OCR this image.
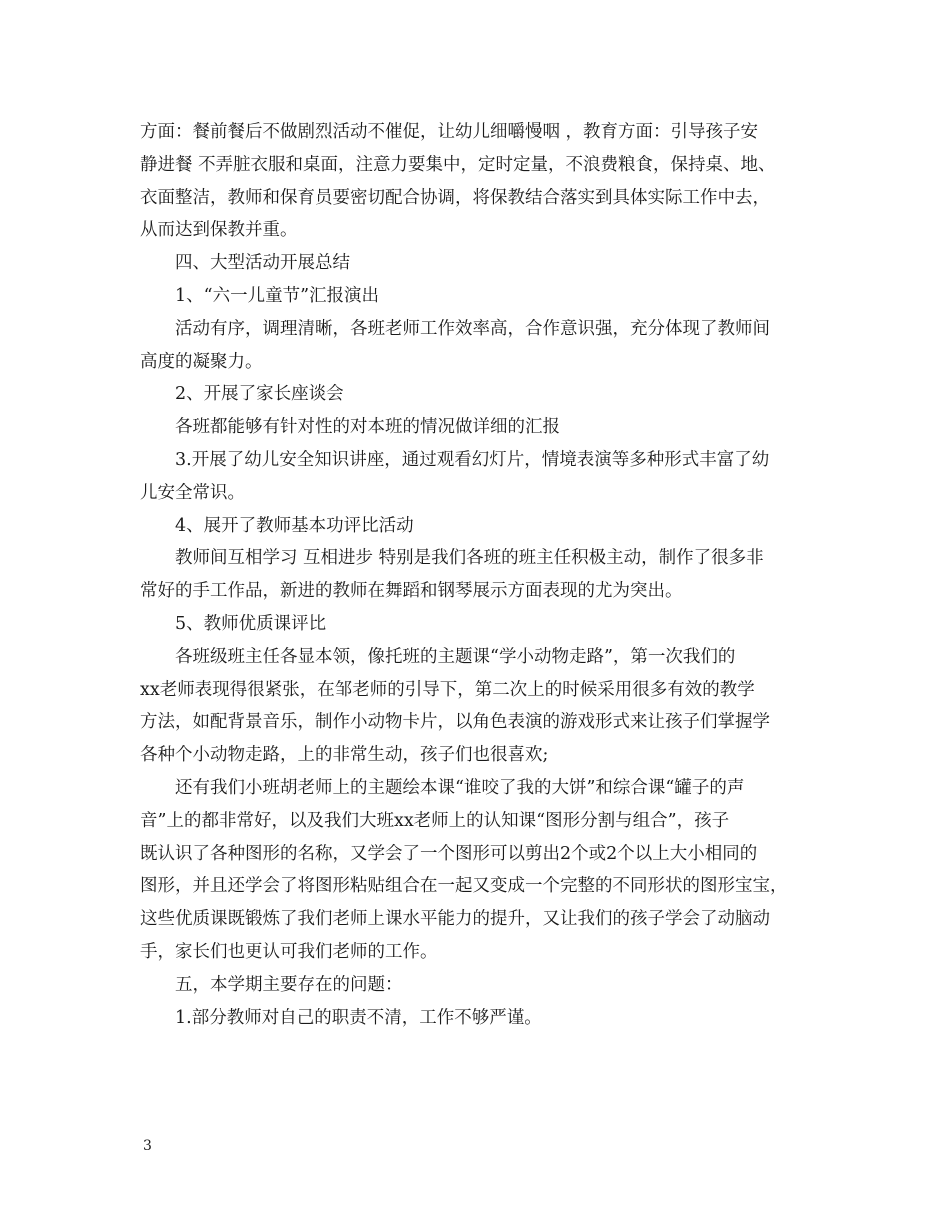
方面：餐前餐后不做剧烈活动不催促，让幼儿细嚼慢咽 ，教育方面：引导孩子安
静进餐 不弄脏衣服和桌面，注意力要集中，定时定量，不浪费粮食，保持桌、地、
衣面整洁，教师和保育员要密切配合协调，将保教结合落实到具体实际工作中去，
从而达到保教并重。
四、大型活动开展总结
1、“六一儿童节”汇报演出
活动有序，调理清晰，各班老师工作效率高，合作意识强，充分体现了教师间
高度的凝聚力。
2、开展了家长座谈会
各班都能够有针对性的对本班的情况做详细的汇报
3.开展了幼儿安全知识讲座，通过观看幻灯片，情境表演等多种形式丰富了幼
儿安全常识。
4、展开了教师基本功评比活动
教师间互相学习 互相进步 特别是我们各班的班主任积极主动，制作了很多非
常好的手工作品，新进的教师在舞蹈和钢琴展示方面表现的尤为突出。
5、教师优质课评比
各班级班主任各显本领，像托班的主题课“学小动物走路”，第一次我们的
xx老师表现得很紧张，在邹老师的引导下，第二次上的时候采用很多有效的教学
方法，如配背景音乐，制作小动物卡片，以角色表演的游戏形式来让孩子们掌握学
各种个小动物走路，上的非常生动，孩子们也很喜欢;
还有我们小班胡老师上的主题绘本课“谁咬了我的大饼”和综合课“罐子的声
音”上的都非常好，以及我们大班xx老师上的认知课“图形分割与组合”，孩子
既认识了各种图形的名称，又学会了一个图形可以剪出2个或2个以上大小相同的
图形，并且还学会了将图形粘贴组合在一起又变成一个完整的不同形状的图形宝宝，
这些优质课既锻炼了我们老师上课水平能力的提升，又让我们的孩子学会了动脑动
手，家长们也更认可我们老师的工作。
五，本学期主要存在的问题：
1.部分教师对自己的职责不清，工作不够严谨。
3
